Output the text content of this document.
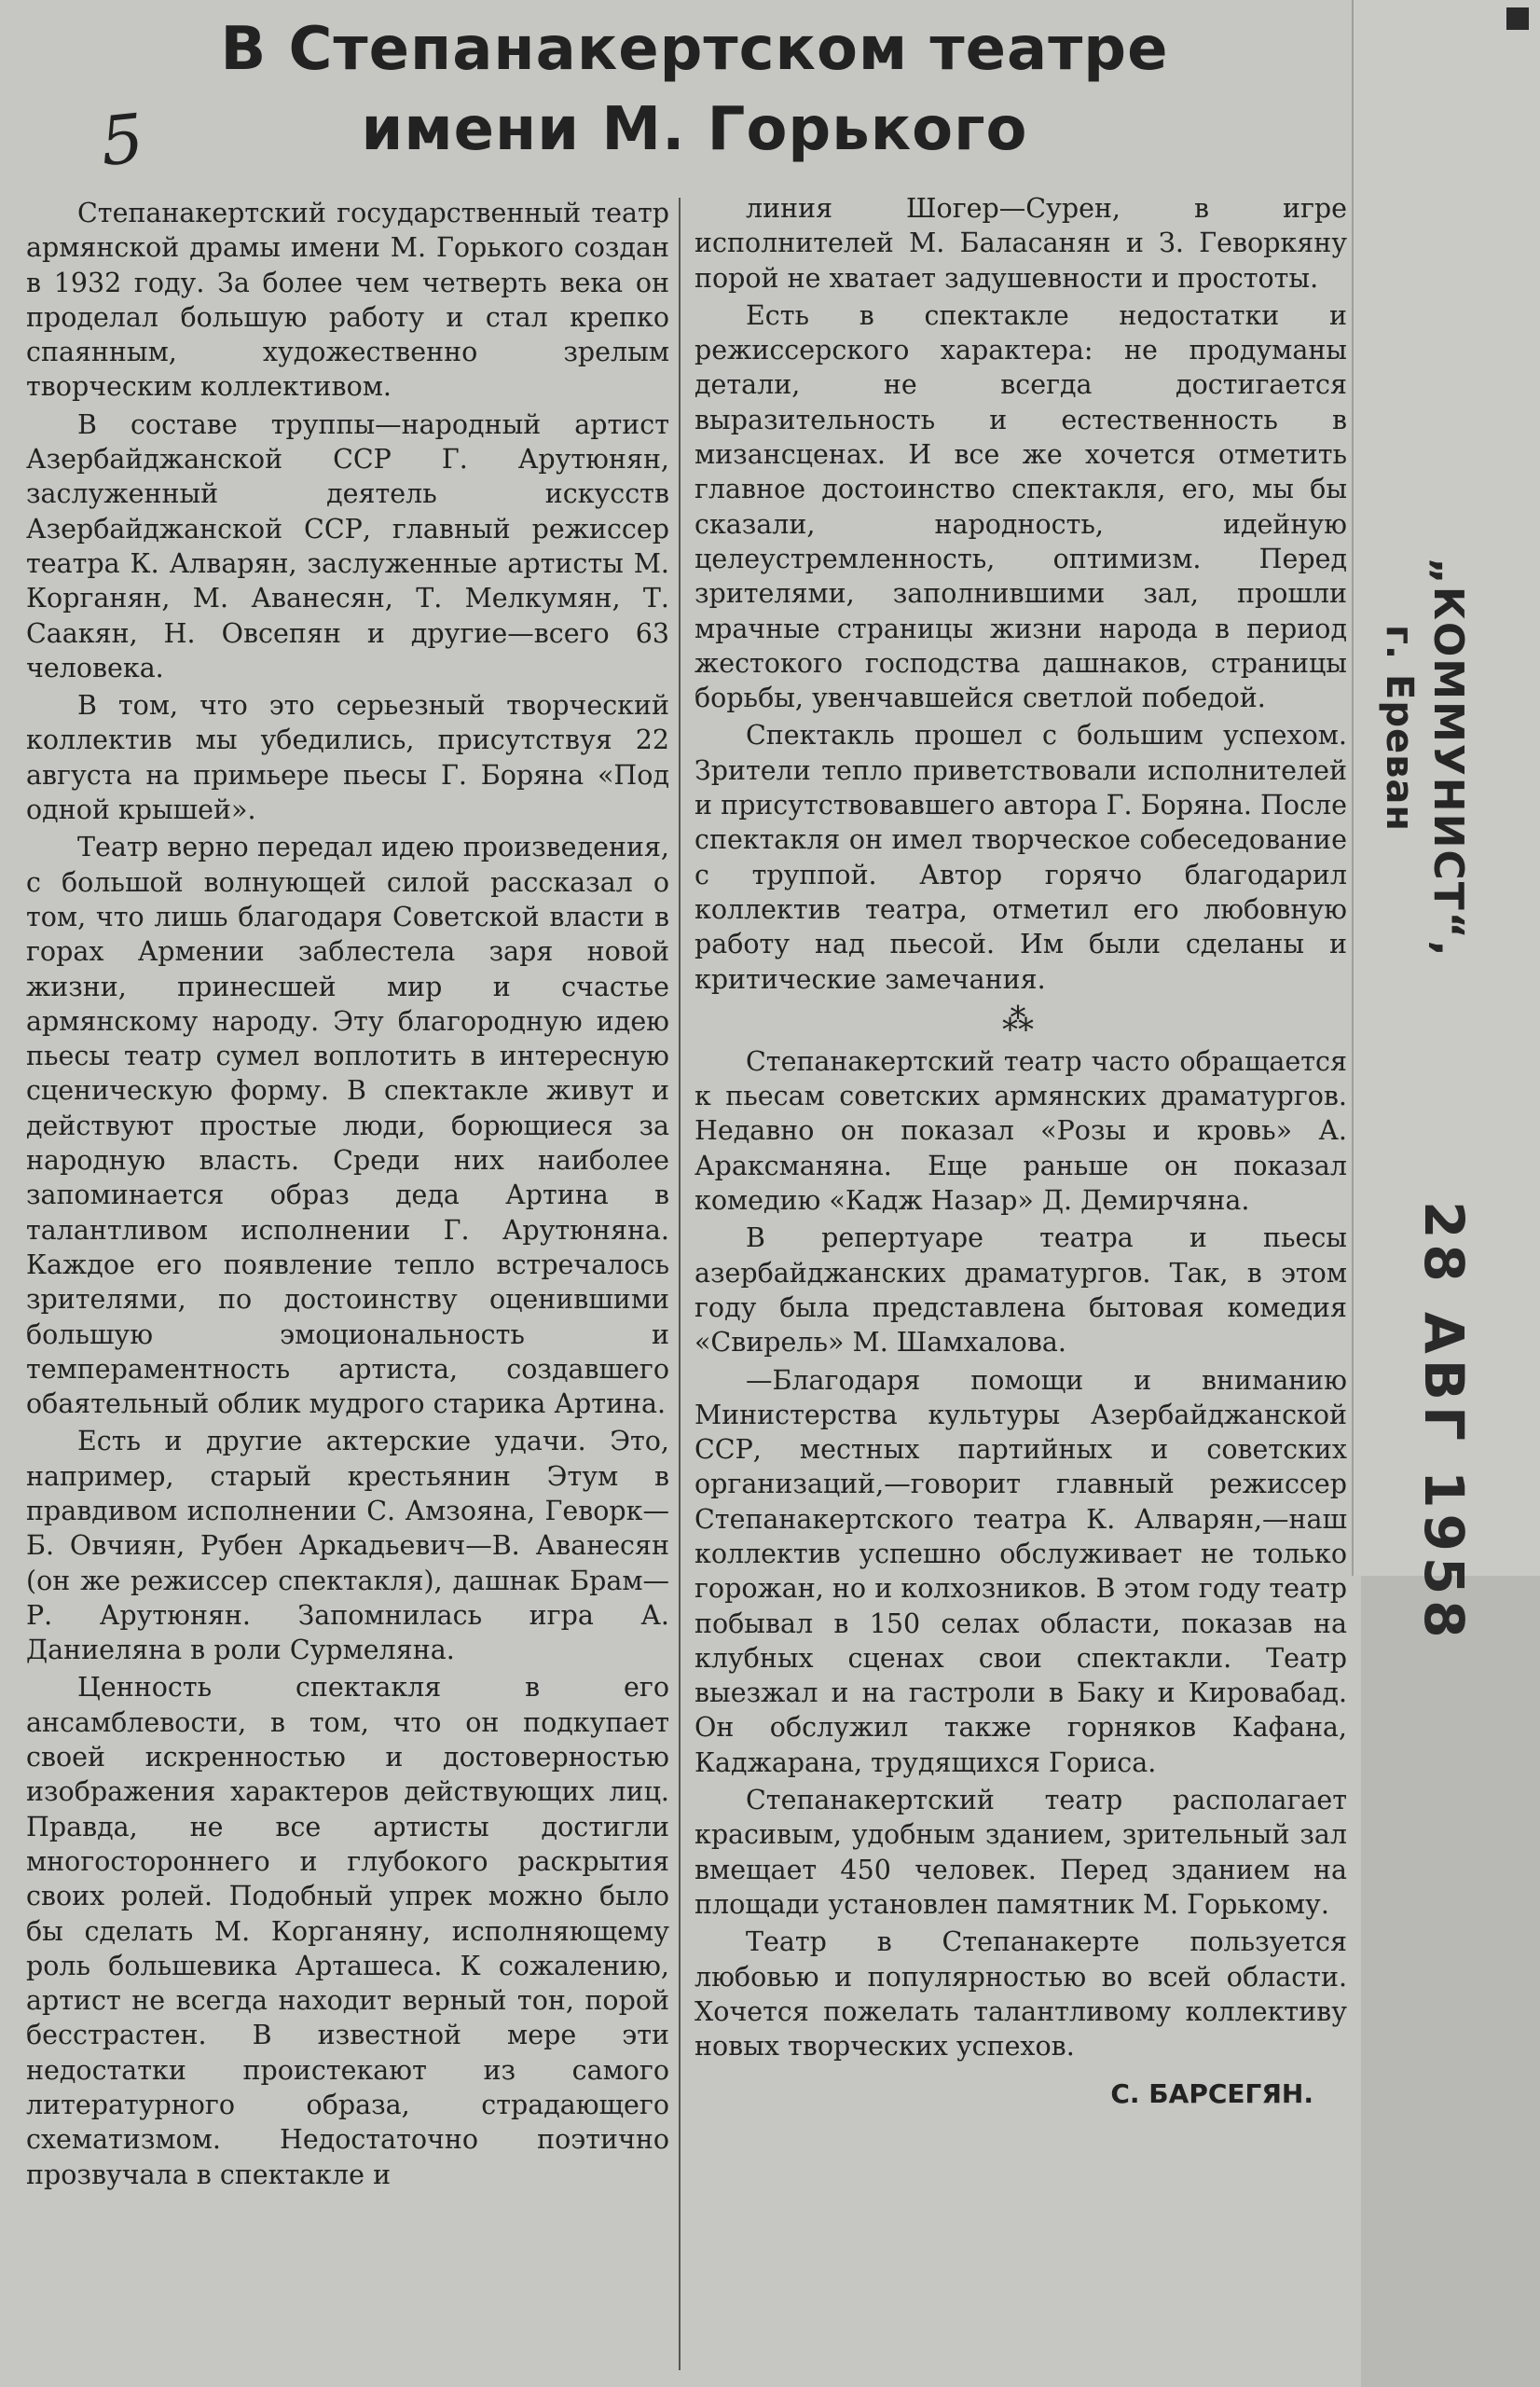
В Степанакертском театре
имени М. Горького
5

Степанакертский государственный театр армянской драмы имени М. Горького создан в 1932 году. За более чем четверть века он проделал большую работу и стал крепко спаянным, художественно зрелым творческим коллективом.

В составе труппы—народный артист Азербайджанской ССР Г. Арутюнян, заслуженный деятель искусств Азербайджанской ССР, главный режиссер театра К. Алварян, заслуженные артисты М. Корганян, М. Аванесян, Т. Мелкумян, Т. Саакян, Н. Овсепян и другие—всего 63 человека.

В том, что это серьезный творческий коллектив мы убедились, присутствуя 22 августа на примьере пьесы Г. Боряна «Под одной крышей».

Театр верно передал идею произведения, с большой волнующей силой рассказал о том, что лишь благодаря Советской власти в горах Армении заблестела заря новой жизни, принесшей мир и счастье армянскому народу. Эту благородную идею пьесы театр сумел воплотить в интересную сценическую форму. В спектакле живут и действуют простые люди, борющиеся за народную власть. Среди них наиболее запоминается образ деда Артина в талантливом исполнении Г. Арутюняна. Каждое его появление тепло встречалось зрителями, по достоинству оценившими большую эмоциональность и темпераментность артиста, создавшего обаятельный облик мудрого старика Артина.

Есть и другие актерские удачи. Это, например, старый крестьянин Этум в правдивом исполнении С. Амзояна, Геворк—Б. Овчиян, Рубен Аркадьевич—В. Аванесян (он же режиссер спектакля), дашнак Брам—Р. Арутюнян. Запомнилась игра А. Даниеляна в роли Сурмеляна.

Ценность спектакля в его ансамблевости, в том, что он подкупает своей искренностью и достоверностью изображения характеров действующих лиц. Правда, не все артисты достигли многостороннего и глубокого раскрытия своих ролей. Подобный упрек можно было бы сделать М. Корганяну, исполняющему роль большевика Арташеса. К сожалению, артист не всегда находит верный тон, порой бесстрастен. В известной мере эти недостатки проистекают из самого литературного образа, страдающего схематизмом. Недостаточно поэтично прозвучала в спектакле и

линия Шогер—Сурен, в игре исполнителей М. Баласанян и З. Геворкяну порой не хватает задушевности и простоты.

Есть в спектакле недостатки и режиссерского характера: не продуманы детали, не всегда достигается выразительность и естественность в мизансценах. И все же хочется отметить главное достоинство спектакля, его, мы бы сказали, народность, идейную целеустремленность, оптимизм. Перед зрителями, заполнившими зал, прошли мрачные страницы жизни народа в период жестокого господства дашнаков, страницы борьбы, увенчавшейся светлой победой.

Спектакль прошел с большим успехом. Зрители тепло приветствовали исполнителей и присутствовавшего автора Г. Боряна. После спектакля он имел творческое собеседование с труппой. Автор горячо благодарил коллектив театра, отметил его любовную работу над пьесой. Им были сделаны и критические замечания.

⁂

Степанакертский театр часто обращается к пьесам советских армянских драматургов. Недавно он показал «Розы и кровь» А. Араксманяна. Еще раньше он показал комедию «Кадж Назар» Д. Демирчяна.

В репертуаре театра и пьесы азербайджанских драматургов. Так, в этом году была представлена бытовая комедия «Свирель» М. Шамхалова.

—Благодаря помощи и вниманию Министерства культуры Азербайджанской ССР, местных партийных и советских организаций,—говорит главный режиссер Степанакертского театра К. Алварян,—наш коллектив успешно обслуживает не только горожан, но и колхозников. В этом году театр побывал в 150 селах области, показав на клубных сценах свои спектакли. Театр выезжал и на гастроли в Баку и Кировабад. Он обслужил также горняков Кафана, Каджарана, трудящихся Гориса.

Степанакертский театр располагает красивым, удобным зданием, зрительный зал вмещает 450 человек. Перед зданием на площади установлен памятник М. Горькому.

Театр в Степанакерте пользуется любовью и популярностью во всей области. Хочется пожелать талантливому коллективу новых творческих успехов.

С. БАРСЕГЯН.
„КОММУНИСТ“,
г. Ереван
28 АВГ 1958
